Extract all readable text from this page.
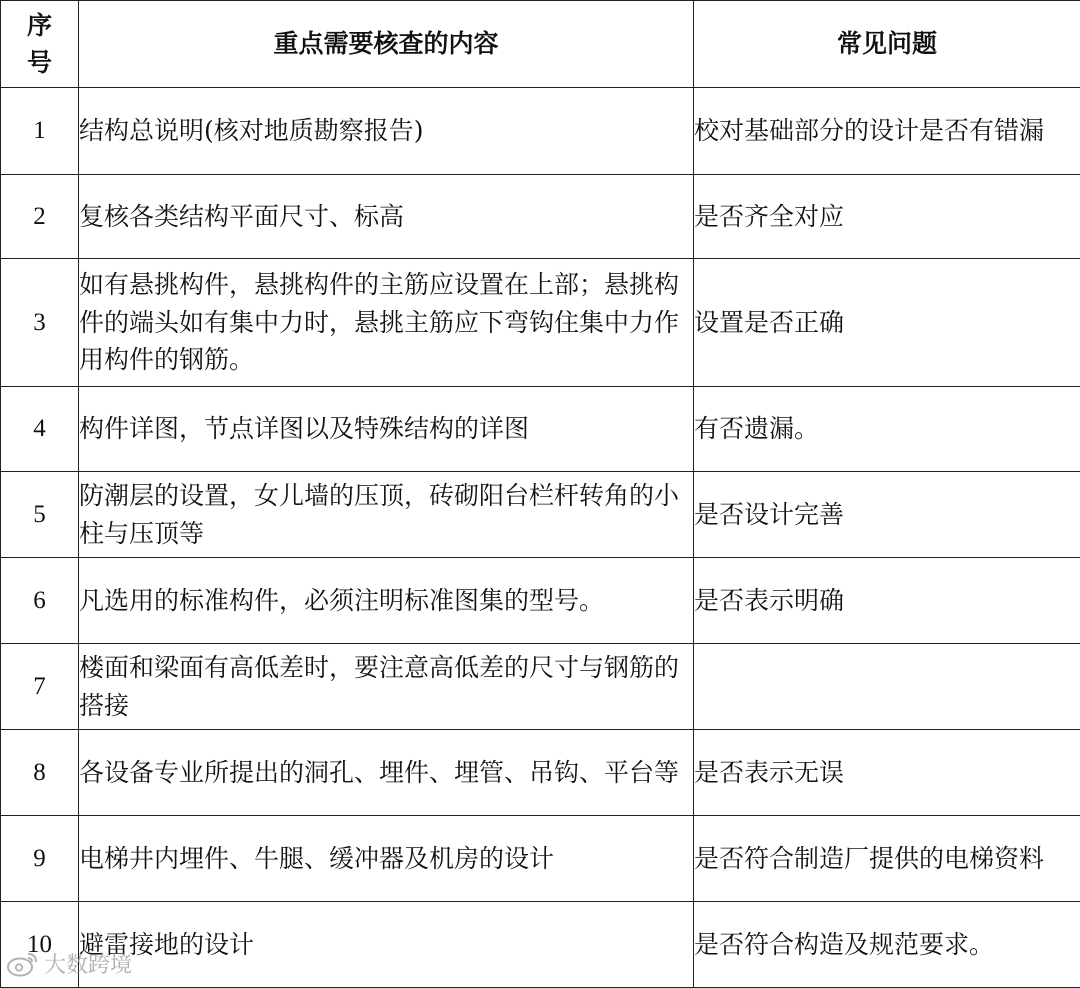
序号	重点需要核查的内容	常见问题
1	结构总说明(核对地质勘察报告)	校对基础部分的设计是否有错漏
2	复核各类结构平面尺寸、标高	是否齐全对应
3	如有悬挑构件，悬挑构件的主筋应设置在上部；悬挑构件的端头如有集中力时，悬挑主筋应下弯钩住集中力作用构件的钢筋。	设置是否正确
4	构件详图，节点详图以及特殊结构的详图	有否遗漏。
5	防潮层的设置，女儿墙的压顶，砖砌阳台栏杆转角的小柱与压顶等	是否设计完善
6	凡选用的标准构件，必须注明标准图集的型号。	是否表示明确
7	楼面和梁面有高低差时，要注意高低差的尺寸与钢筋的搭接	
8	各设备专业所提出的洞孔、埋件、埋管、吊钩、平台等	是否表示无误
9	电梯井内埋件、牛腿、缓冲器及机房的设计	是否符合制造厂提供的电梯资料
10	避雷接地的设计	是否符合构造及规范要求。
大数跨境
